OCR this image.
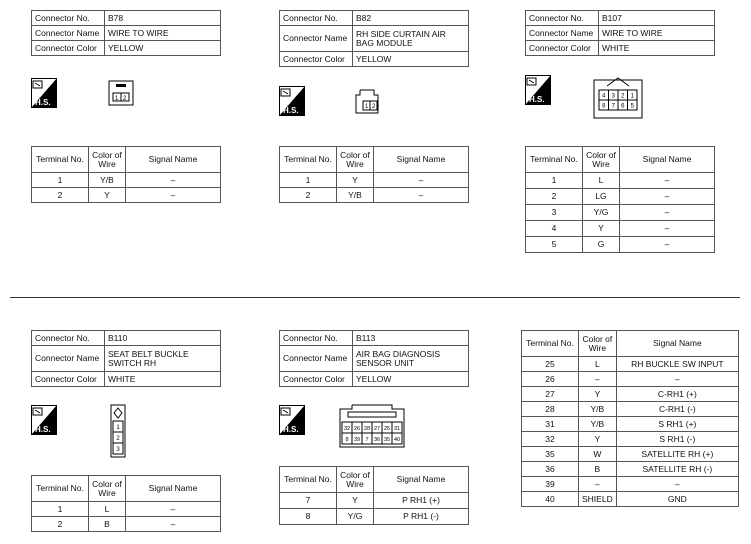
Connector No.	B78
Connector Name	WIRE TO WIRE
Connector Color	YELLOW
H.S.	1 2
Terminal No.	Color of Wire	Signal Name
1	Y/B	–
2	Y	–
Connector No.	B82
Connector Name	RH SIDE CURTAIN AIR BAG MODULE
Connector Color	YELLOW
H.S.	1 2
Terminal No.	Color of Wire	Signal Name
1	Y	–
2	Y/B	–
Connector No.	B107
Connector Name	WIRE TO WIRE
Connector Color	WHITE
H.S.	4 3 2 1
8 7 6 5
Terminal No.	Color of Wire	Signal Name
1	L	–
2	LG	–
3	Y/G	–
4	Y	–
5	G	–
Connector No.	B110
Connector Name	SEAT BELT BUCKLE SWITCH RH
Connector Color	WHITE
H.S.	1
2
3
Terminal No.	Color of Wire	Signal Name
1	L	–
2	B	–
Connector No.	B113
Connector Name	AIR BAG DIAGNOSIS SENSOR UNIT
Connector Color	YELLOW
H.S.	32 26 28 27 25 31
8 39 7 36 35 40
Terminal No.	Color of Wire	Signal Name
7	Y	P RH1 (+)
8	Y/G	P RH1 (-)
Terminal No.	Color of Wire	Signal Name
25	L	RH BUCKLE SW INPUT
26	–	–
27	Y	C-RH1 (+)
28	Y/B	C-RH1 (-)
31	Y/B	S RH1 (+)
32	Y	S RH1 (-)
35	W	SATELLITE RH (+)
36	B	SATELLITE RH (-)
39	–	–
40	SHIELD	GND
